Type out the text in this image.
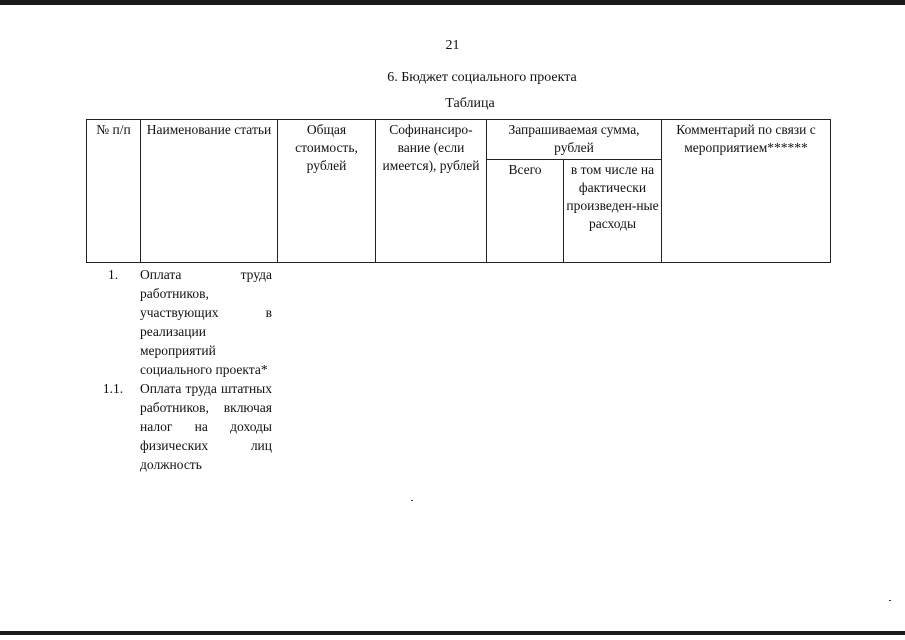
21
6. Бюджет социального проекта
Таблица
№ п/п	Наименование статьи	Общая стоимость, рублей	Софинансиро-вание (если имеется), рублей	Запрашиваемая сумма, рублей		Комментарий по связи с мероприятием******
				Всего	в том числе на фактически произведен-ные расходы	
1.	Оплата труда работников, участвующих в реализации мероприятий социального проекта*
1.1.	Оплата труда штатных работников, включая налог на доходы физических лиц должность
